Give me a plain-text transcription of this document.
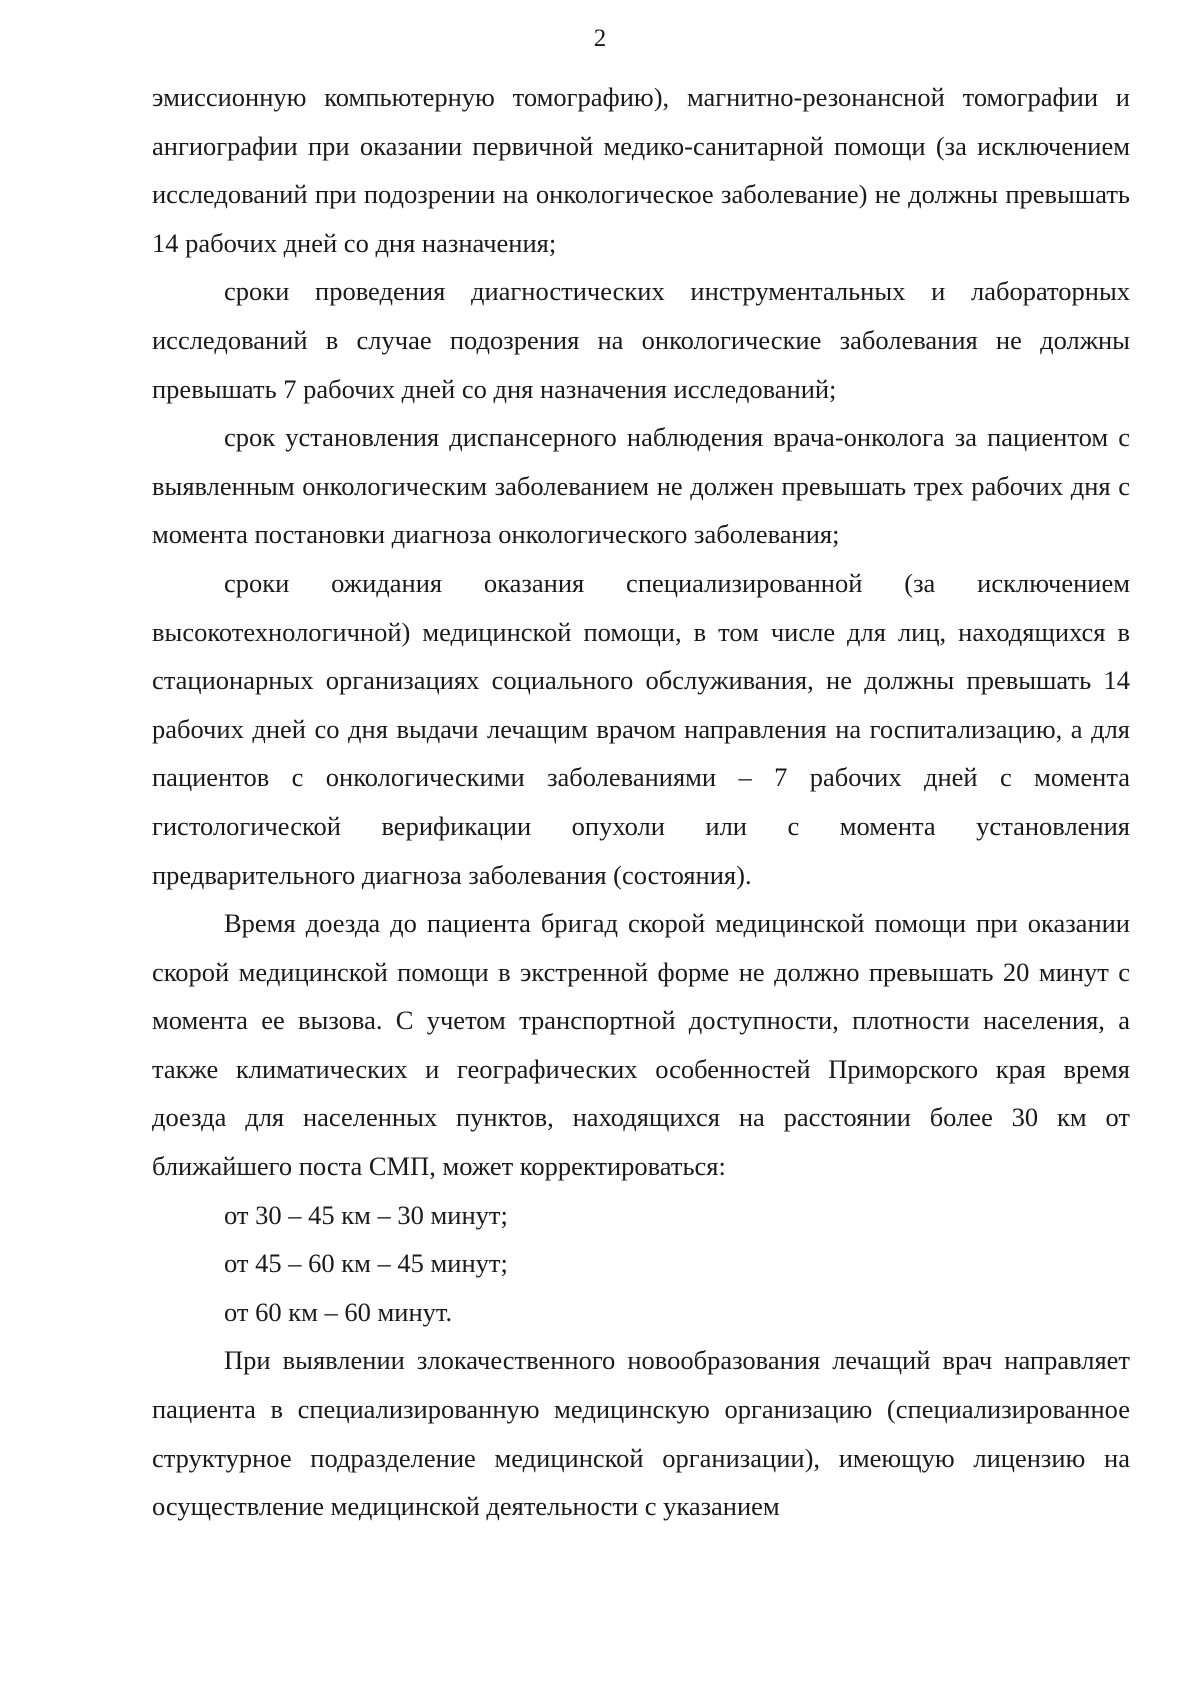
2

эмиссионную компьютерную томографию), магнитно-резонансной томографии и ангиографии при оказании первичной медико-санитарной помощи (за исключением исследований при подозрении на онкологическое заболевание) не должны превышать 14 рабочих дней со дня назначения;

сроки проведения диагностических инструментальных и лабораторных исследований в случае подозрения на онкологические заболевания не должны превышать 7 рабочих дней со дня назначения исследований;

срок установления диспансерного наблюдения врача-онколога за пациентом с выявленным онкологическим заболеванием не должен превышать трех рабочих дня с момента постановки диагноза онкологического заболевания;

сроки ожидания оказания специализированной (за исключением высокотехнологичной) медицинской помощи, в том числе для лиц, находящихся в стационарных организациях социального обслуживания, не должны превышать 14 рабочих дней со дня выдачи лечащим врачом направления на госпитализацию, а для пациентов с онкологическими заболеваниями – 7 рабочих дней с момента гистологической верификации опухоли или с момента установления предварительного диагноза заболевания (состояния).

Время доезда до пациента бригад скорой медицинской помощи при оказании скорой медицинской помощи в экстренной форме не должно превышать 20 минут с момента ее вызова. С учетом транспортной доступности, плотности населения, а также климатических и географических особенностей Приморского края время доезда для населенных пунктов, находящихся на расстоянии более 30 км от ближайшего поста СМП, может корректироваться:

от 30 – 45 км – 30 минут;

от 45 – 60 км – 45 минут;

от 60 км – 60 минут.

При выявлении злокачественного новообразования лечащий врач направляет пациента в специализированную медицинскую организацию (специализированное структурное подразделение медицинской организации), имеющую лицензию на осуществление медицинской деятельности с указанием
